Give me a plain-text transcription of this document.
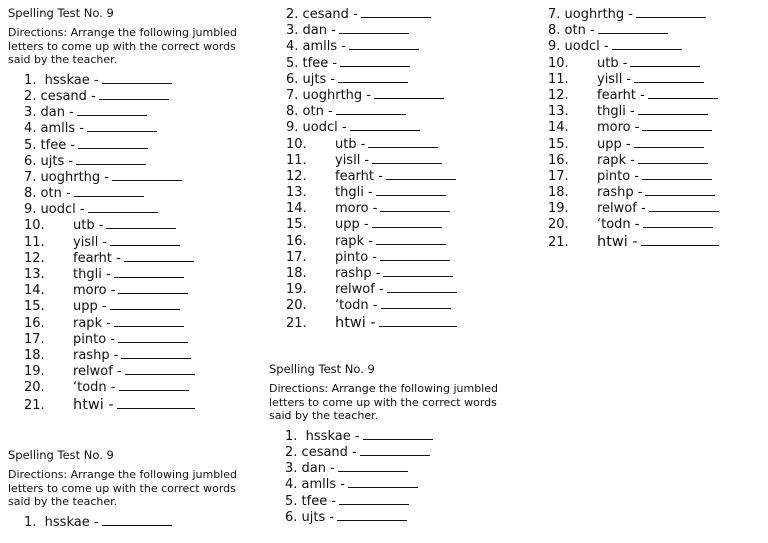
Spelling Test No. 9
Directions: Arrange the following jumbled letters to come up with the correct words said by the teacher.
1. hsskae -
2. cesand -
3. dan -
4. amlls -
5. tfee -
6. ujts -
7. uoghrthg -
8. otn -
9. uodcl -
10. utb -
11. yisll -
12. fearht -
13. thgli -
14. moro -
15. upp -
16. rapk -
17. pinto -
18. rashp -
19. relwof -
20. ‘todn -
21. htwi -
2. cesand -
3. dan -
4. amlls -
5. tfee -
6. ujts -
7. uoghrthg -
8. otn -
9. uodcl -
10. utb -
11. yisll -
12. fearht -
13. thgli -
14. moro -
15. upp -
16. rapk -
17. pinto -
18. rashp -
19. relwof -
20. ‘todn -
21. htwi -
7. uoghrthg -
8. otn -
9. uodcl -
10. utb -
11. yisll -
12. fearht -
13. thgli -
14. moro -
15. upp -
16. rapk -
17. pinto -
18. rashp -
19. relwof -
20. ‘todn -
21. htwi -
Spelling Test No. 9
Directions: Arrange the following jumbled letters to come up with the correct words said by the teacher.
1. hsskae -
2. cesand -
3. dan -
4. amlls -
5. tfee -
6. ujts -
Spelling Test No. 9
Directions: Arrange the following jumbled letters to come up with the correct words said by the teacher.
1. hsskae -
